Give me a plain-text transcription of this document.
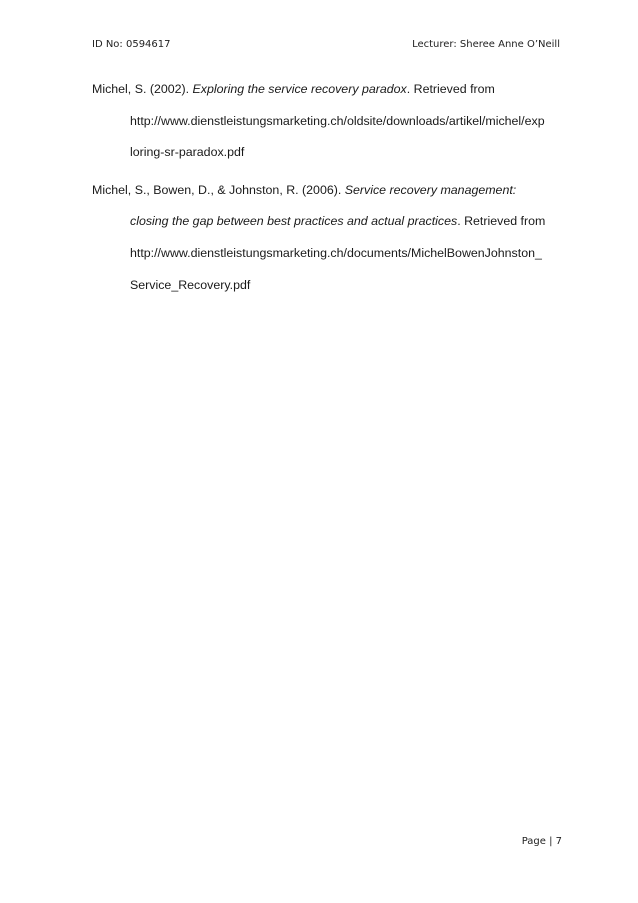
ID No: 0594617	Lecturer: Sheree Anne O’Neill
Michel, S. (2002). Exploring the service recovery paradox. Retrieved from
http://www.dienstleistungsmarketing.ch/oldsite/downloads/artikel/michel/exp
loring-sr-paradox.pdf
Michel, S., Bowen, D., & Johnston, R. (2006). Service recovery management:
closing the gap between best practices and actual practices. Retrieved from
http://www.dienstleistungsmarketing.ch/documents/MichelBowenJohnston_
Service_Recovery.pdf
Page | 7
